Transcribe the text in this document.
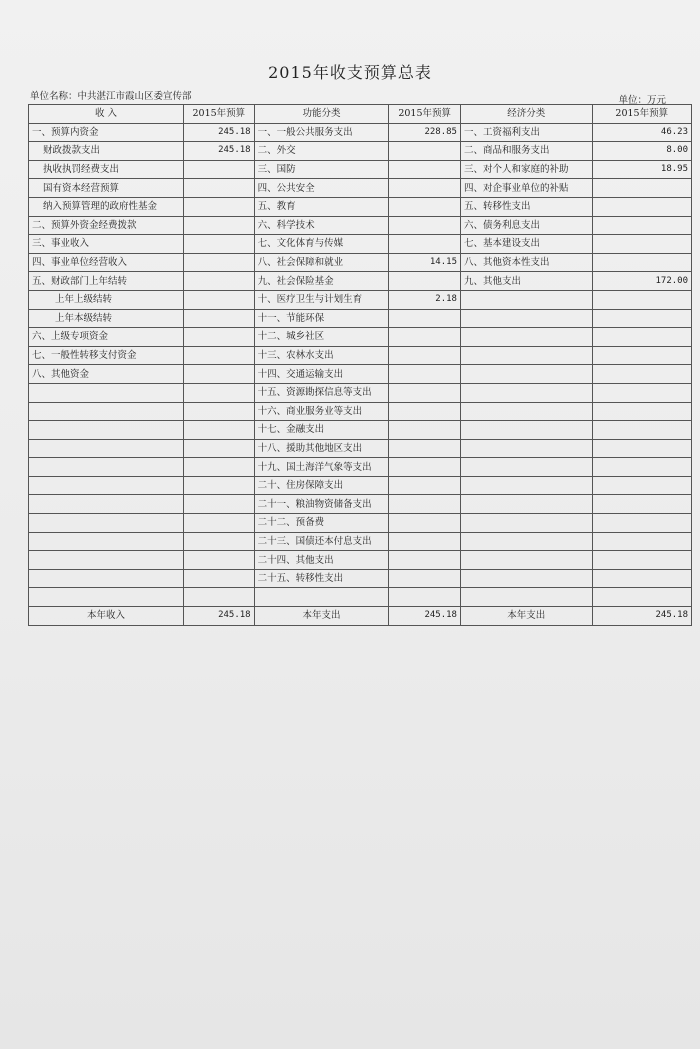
2015年收支预算总表
单位名称：中共湛江市霞山区委宣传部	单位：万元
收 入	2015年预算	功能分类	2015年预算	经济分类	2015年预算
一、预算内资金	245.18	一、一般公共服务支出	228.85	一、工资福利支出	46.23
财政拨款支出	245.18	二、外交		二、商品和服务支出	8.00
执收执罚经费支出		三、国防		三、对个人和家庭的补助	18.95
国有资本经营预算		四、公共安全		四、对企事业单位的补贴	
纳入预算管理的政府性基金		五、教育		五、转移性支出	
二、预算外资金经费拨款		六、科学技术		六、债务利息支出	
三、事业收入		七、文化体育与传媒		七、基本建设支出	
四、事业单位经营收入		八、社会保障和就业	14.15	八、其他资本性支出	
五、财政部门上年结转		九、社会保险基金		九、其他支出	172.00
上年上级结转		十、医疗卫生与计划生育	2.18		
上年本级结转		十一、节能环保			
六、上级专项资金		十二、城乡社区			
七、一般性转移支付资金		十三、农林水支出			
八、其他资金		十四、交通运输支出			
		十五、资源勘探信息等支出			
		十六、商业服务业等支出			
		十七、金融支出			
		十八、援助其他地区支出			
		十九、国土海洋气象等支出			
		二十、住房保障支出			
		二十一、粮油物资储备支出			
		二十二、预备费			
		二十三、国债还本付息支出			
		二十四、其他支出			
		二十五、转移性支出			

本年收入	245.18	本年支出	245.18	本年支出	245.18
